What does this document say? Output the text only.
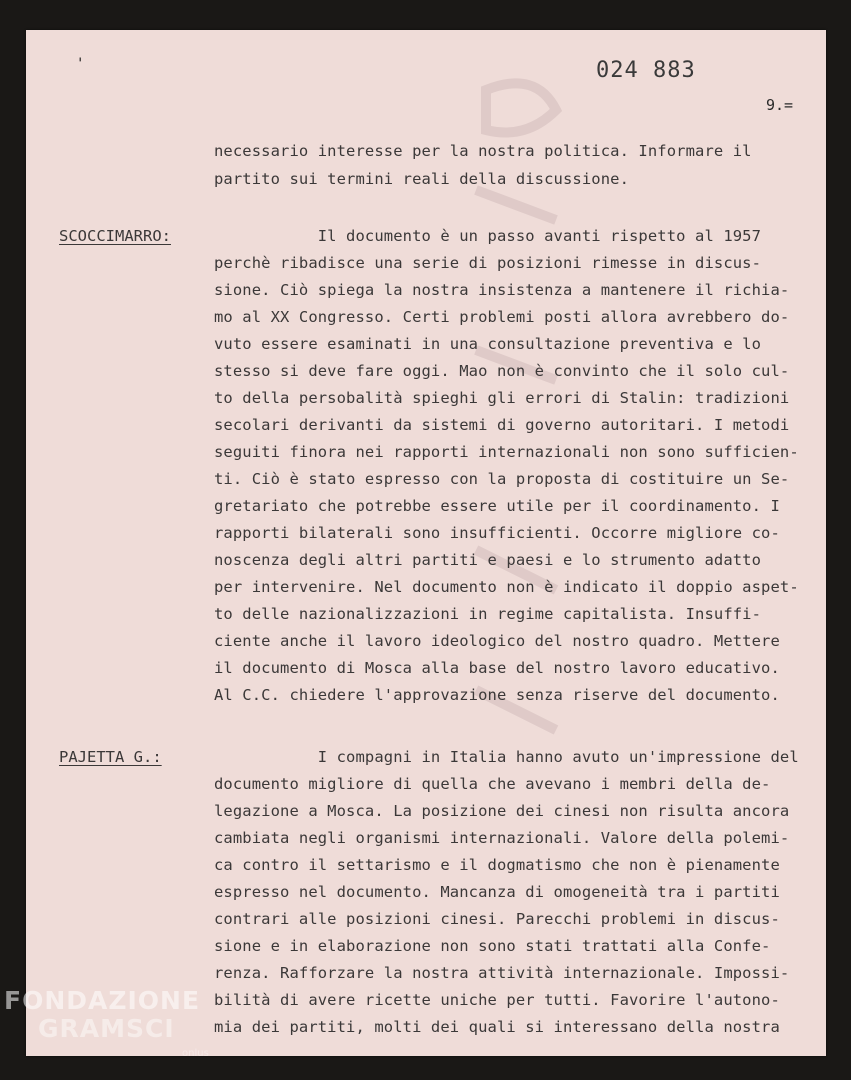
'	024 883
9.=
necessario interesse per la nostra politica. Informare il
partito sui termini reali della discussione.
SCOCCIMARRO:	Il documento è un passo avanti rispetto al 1957
perchè ribadisce una serie di posizioni rimesse in discus-
sione. Ciò spiega la nostra insistenza a mantenere il richia-
mo al XX Congresso. Certi problemi posti allora avrebbero do-
vuto essere esaminati in una consultazione preventiva e lo
stesso si deve fare oggi. Mao non è convinto che il solo cul-
to della persobalità spieghi gli errori di Stalin: tradizioni
secolari derivanti da sistemi di governo autoritari. I metodi
seguiti finora nei rapporti internazionali non sono sufficien-
ti. Ciò è stato espresso con la proposta di costituire un Se-
gretariato che potrebbe essere utile per il coordinamento. I
rapporti bilaterali sono insufficienti. Occorre migliore co-
noscenza degli altri partiti e paesi e lo strumento adatto
per intervenire. Nel documento non è indicato il doppio aspet-
to delle nazionalizzazioni in regime capitalista. Insuffi-
ciente anche il lavoro ideologico del nostro quadro. Mettere
il documento di Mosca alla base del nostro lavoro educativo.
Al C.C. chiedere l'approvazione senza riserve del documento.
PAJETTA G.:	I compagni in Italia hanno avuto un'impressione del
documento migliore di quella che avevano i membri della de-
legazione a Mosca. La posizione dei cinesi non risulta ancora
cambiata negli organismi internazionali. Valore della polemi-
ca contro il settarismo e il dogmatismo che non è pienamente
espresso nel documento. Mancanza di omogeneità tra i partiti
contrari alle posizioni cinesi. Parecchi problemi in discus-
sione e in elaborazione non sono stati trattati alla Confe-
renza. Rafforzare la nostra attività internazionale. Impossi-
bilità di avere ricette uniche per tutti. Favorire l'autono-
mia dei partiti, molti dei quali si interessano della nostra
FONDAZIONE
GRAMSCI
onlus
